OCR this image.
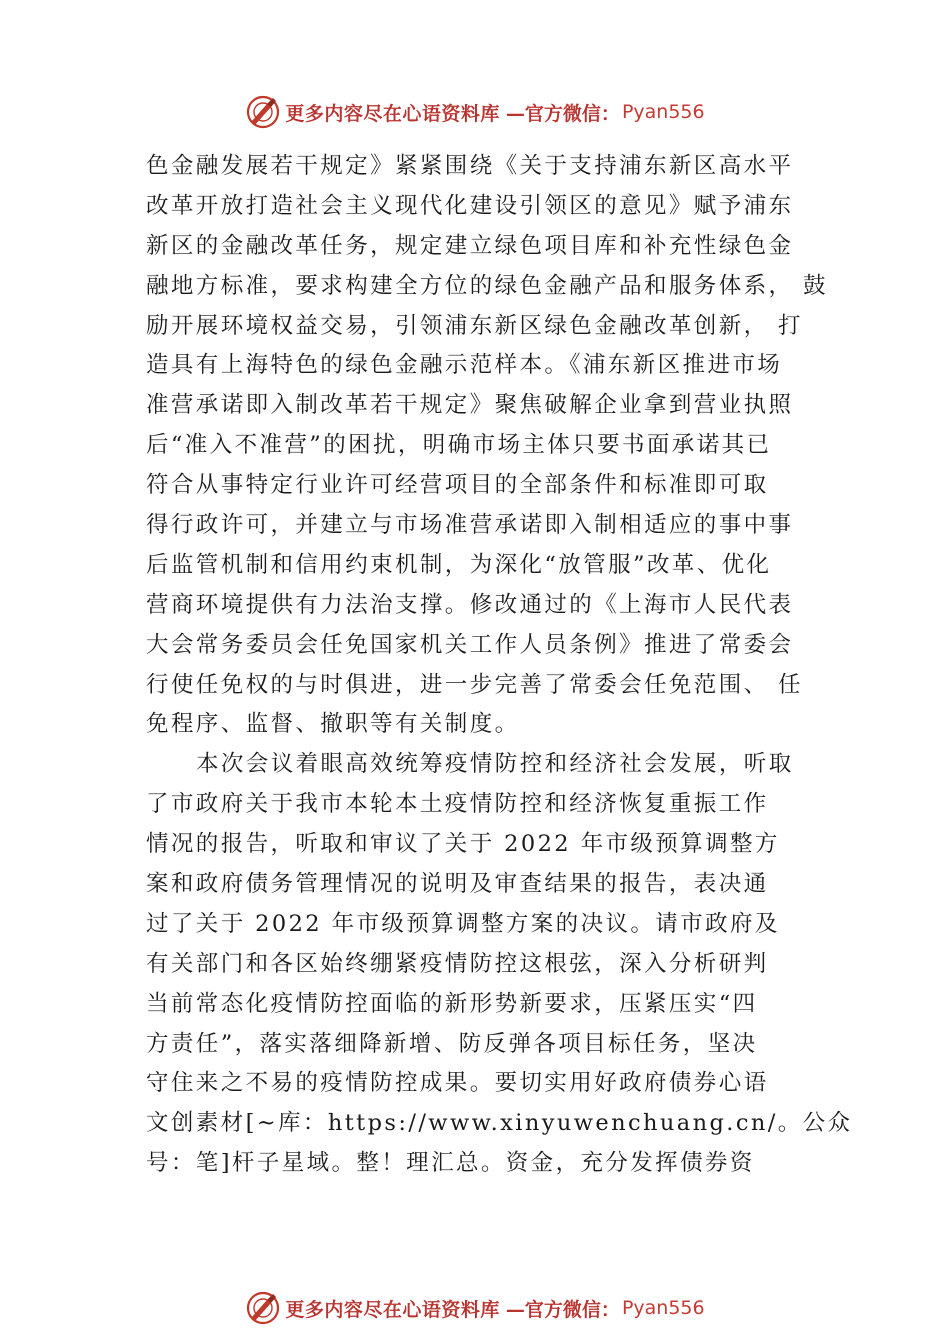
更多内容尽在心语资料库 —官方微信： Pyan556
色金融发展若干规定》紧紧围绕《关于支持浦东新区高水平
改革开放打造社会主义现代化建设引领区的意见》赋予浦东
新区的金融改革任务，规定建立绿色项目库和补充性绿色金
融地方标准，要求构建全方位的绿色金融产品和服务体系， 鼓
励开展环境权益交易，引领浦东新区绿色金融改革创新， 打
造具有上海特色的绿色金融示范样本。《浦东新区推进市场
准营承诺即入制改革若干规定》聚焦破解企业拿到营业执照
后“准入不准营”的困扰，明确市场主体只要书面承诺其已
符合从事特定行业许可经营项目的全部条件和标准即可取
得行政许可，并建立与市场准营承诺即入制相适应的事中事
后监管机制和信用约束机制，为深化“放管服”改革、优化
营商环境提供有力法治支撑。修改通过的《上海市人民代表
大会常务委员会任免国家机关工作人员条例》推进了常委会
行使任免权的与时俱进，进一步完善了常委会任免范围、 任
免程序、监督、撤职等有关制度。
本次会议着眼高效统筹疫情防控和经济社会发展，听取
了市政府关于我市本轮本土疫情防控和经济恢复重振工作
情况的报告，听取和审议了关于 2022 年市级预算调整方
案和政府债务管理情况的说明及审查结果的报告，表决通
过了关于 2022 年市级预算调整方案的决议。请市政府及
有关部门和各区始终绷紧疫情防控这根弦，深入分析研判
当前常态化疫情防控面临的新形势新要求，压紧压实“四
方责任”，落实落细降新增、防反弹各项目标任务，坚决
守住来之不易的疫情防控成果。要切实用好政府债券心语
文创素材[~库：https://www.xinyuwenchuang.cn/。公众
号：笔]杆子星域。整！理汇总。资金，充分发挥债券资
更多内容尽在心语资料库 —官方微信： Pyan556
